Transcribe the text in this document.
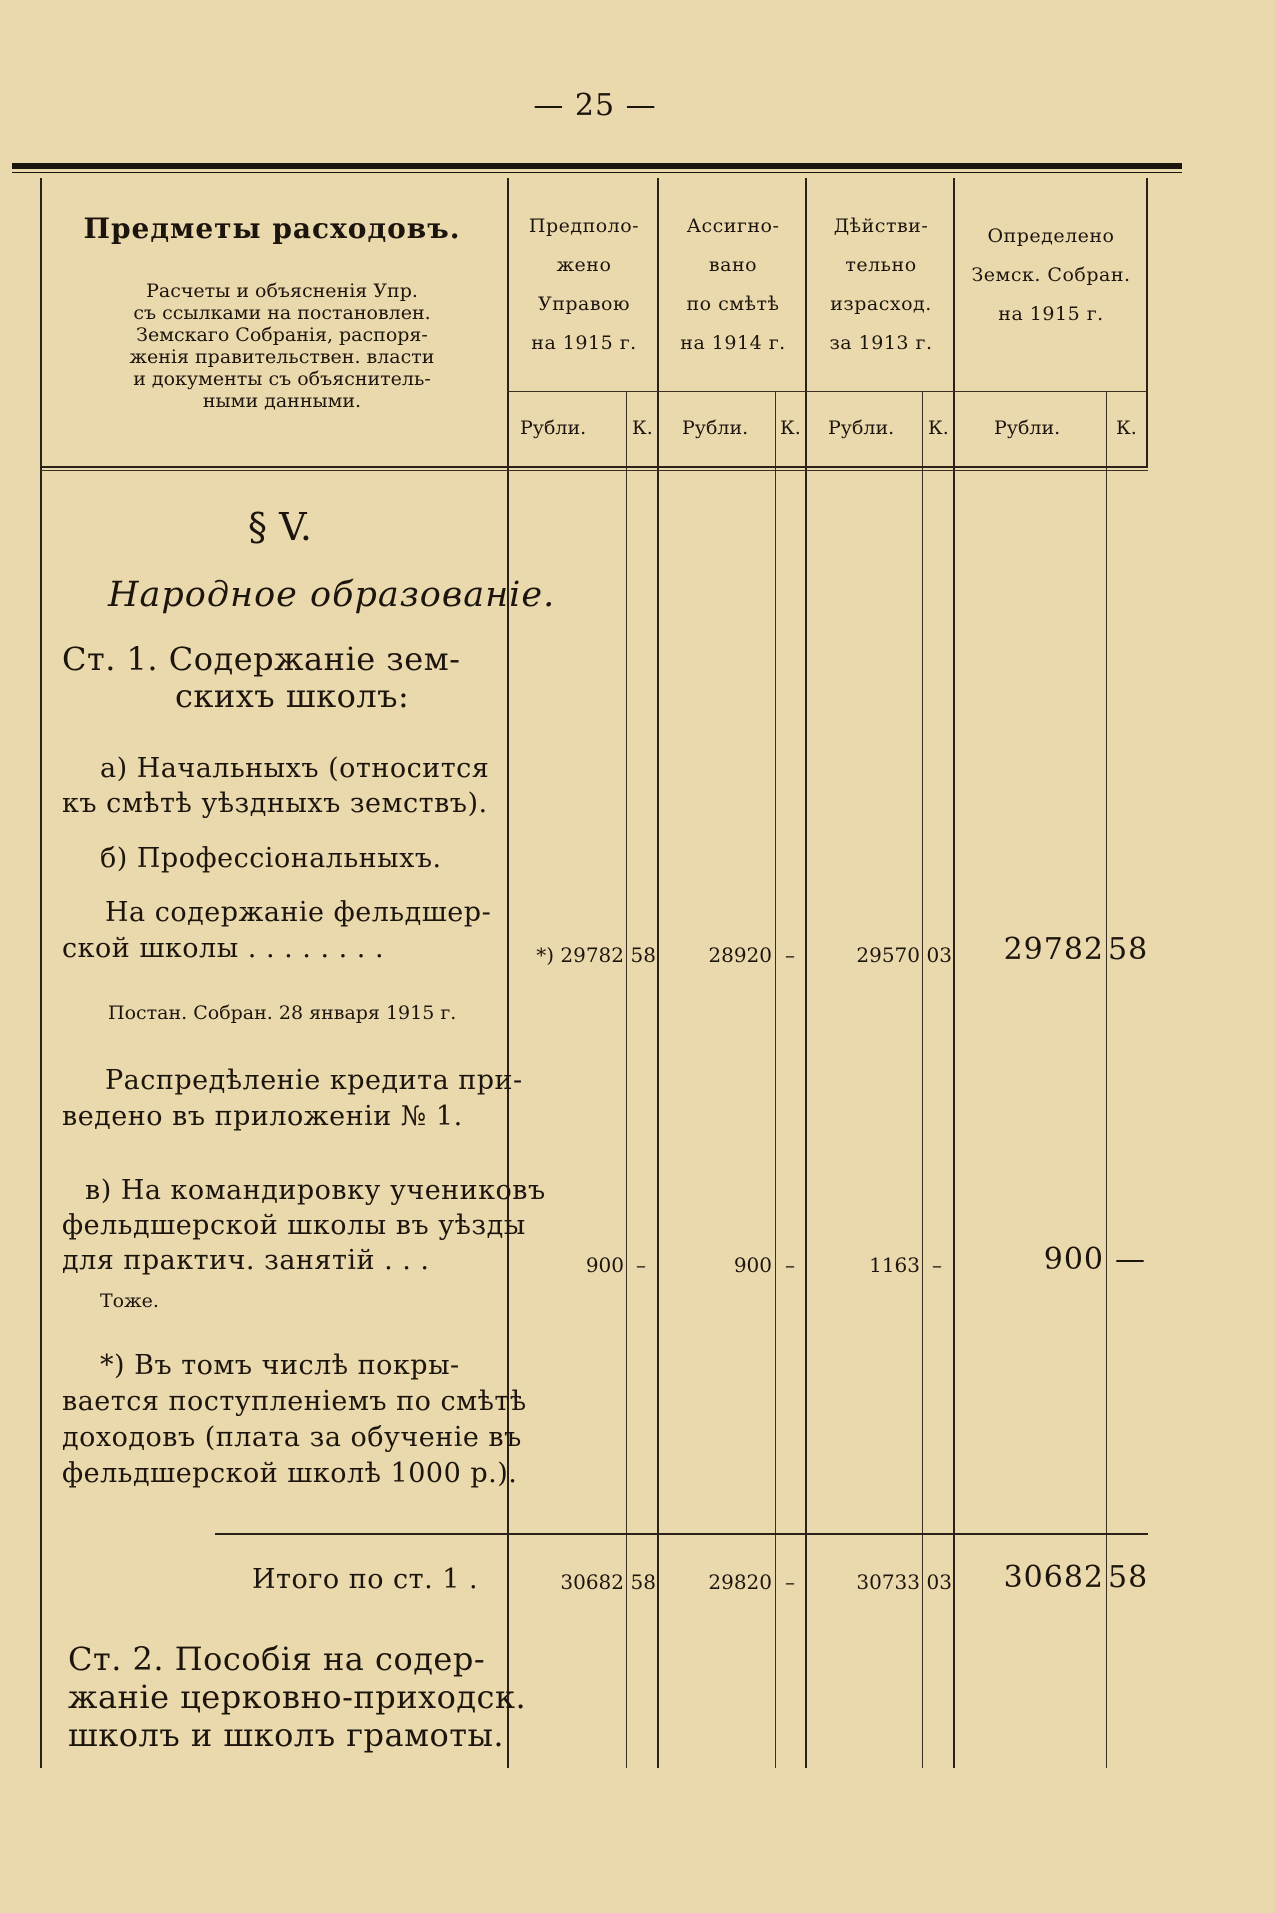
— 25 —
Предметы расходовъ.
Расчеты и объясненія Упр.
съ ссылками на постановлен.
Земскаго Собранія, распоря-
женія правительствен. власти
и документы съ объяснитель-
ными данными.
Предполо-
жено
Управою
на 1915 г.
Ассигно-
вано
по смѣтѣ
на 1914 г.
Дѣйстви-
тельно
израсход.
за 1913 г.
Определено
Земск. Собран.
на 1915 г.
Рубли. К. Рубли. К. Рубли. К. Рубли.	К.
§ V.
Народное образованіе.
Ст. 1. Содержаніе зем-
скихъ школъ:
а) Начальныхъ (относится
къ смѣтѣ уѣздныхъ земствъ).
б) Профессіональныхъ.
На содержаніе фельдшер-
ской школы . . . . . . . .	*) 29782 58	28920 –	29570 03	29782 58
Постан. Собран. 28 января 1915 г.
Распредѣленіе кредита при-
ведено въ приложеніи № 1.
в) На командировку учениковъ
фельдшерской школы въ уѣзды
для практич. занятій . . .	900 –	900 –	1163 –	900 —
Тоже.
*) Въ томъ числѣ покры-
вается поступленіемъ по смѣтѣ
доходовъ (плата за обученіе въ
фельдшерской школѣ 1000 р.).
Итого по ст. 1 .	30682 58	29820 –	30733 03	30682 58
Ст. 2. Пособія на содер-
жаніе церковно-приходск.
школъ и школъ грамоты.
